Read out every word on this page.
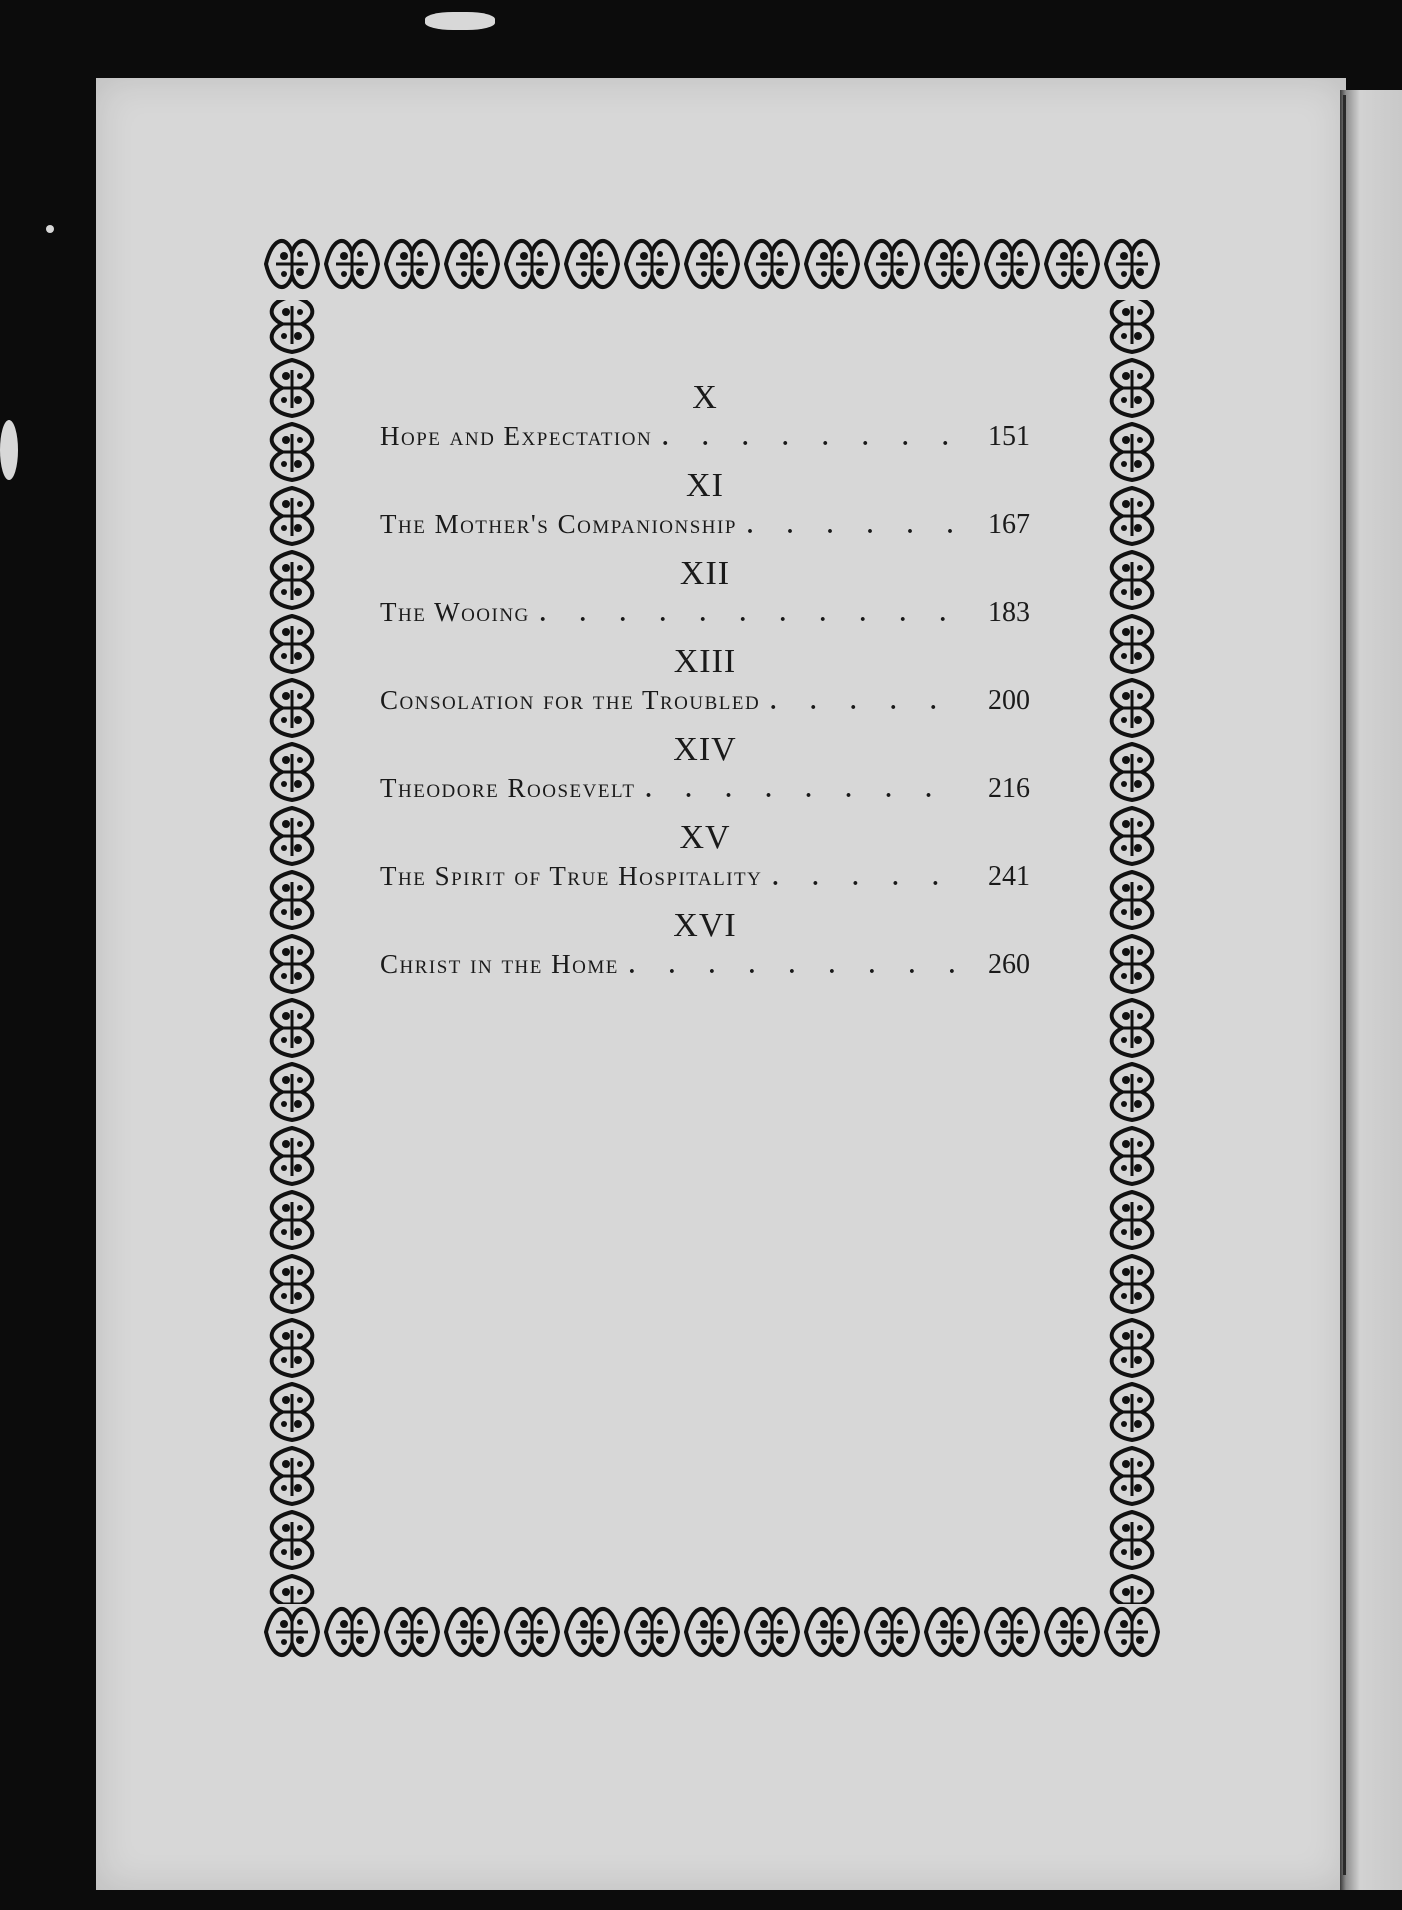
X
Hope and Expectation . . .	151
XI
The Mother's Companionship . . .	167
XII
The Wooing . . .	183
XIII
Consolation for the Troubled . . .	200
XIV
Theodore Roosevelt . . .	216
XV
The Spirit of True Hospitality . . .	241
XVI
Christ in the Home . . .	260
